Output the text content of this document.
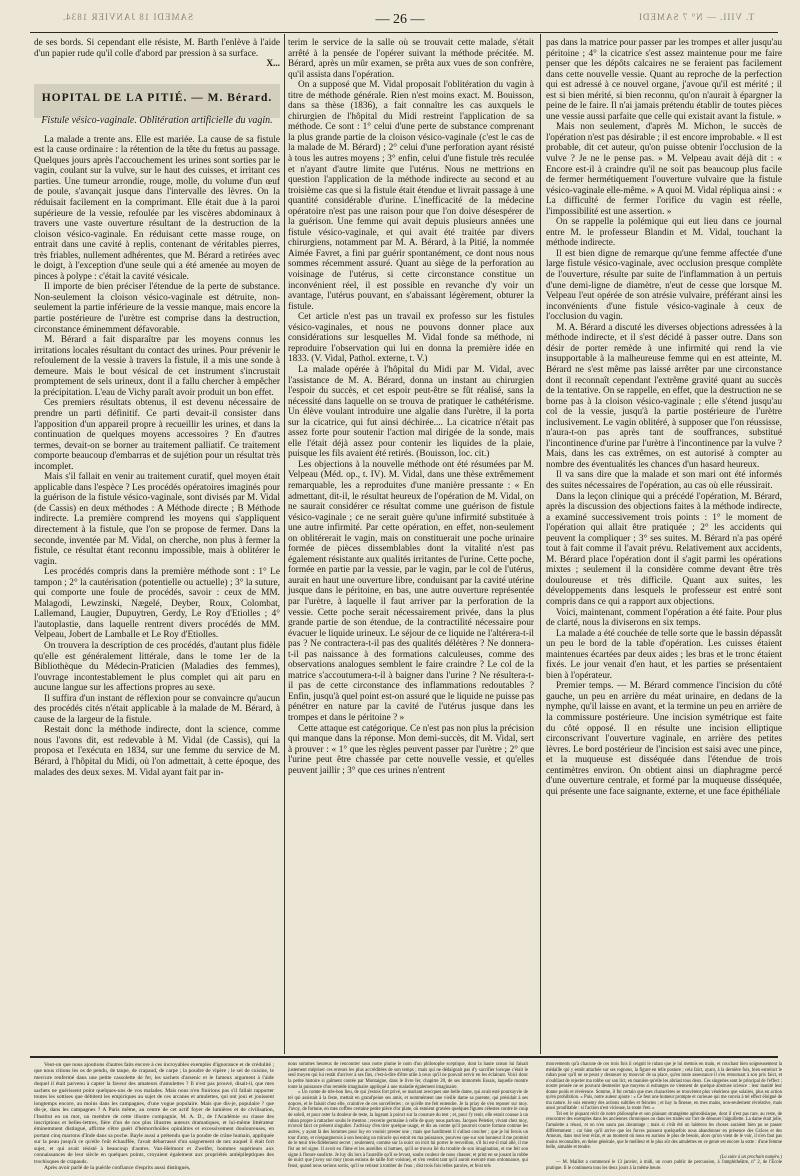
SAMEDI 18 JANVIER 1834.	— 26 —	T. VIII. — N° 7 SAMEDI

de ses bords. Si cependant elle résiste, M. Barth l'enlève à l'aide d'un papier rude qu'il colle d'abord par pression à sa surface.

X...
HOPITAL DE LA PITIÉ. — M. Bérard.
Fistule vésico-vaginale. Oblitération artificielle du vagin.

La malade a trente ans. Elle est mariée. La cause de sa fistule est la cause ordinaire : la rétention de la tête du fœtus au passage. Quelques jours après l'accouchement les urines sont sorties par le vagin, coulant sur la vulve, sur le haut des cuisses, et irritant ces parties. Une tumeur arrondie, rouge, molle, du volume d'un œuf de poule, s'avançait jusque dans l'intervalle des lèvres. On la réduisait facilement en la comprimant. Elle était due à la paroi supérieure de la vessie, refoulée par les viscères abdominaux à travers une vaste ouverture résultant de la destruction de la cloison vésico-vaginale. En réduisant cette masse rouge, on entrait dans une cavité à replis, contenant de véritables pierres, très friables, nullement adhérentes, que M. Bérard a retirées avec le doigt, à l'exception d'une seule qui a été amenée au moyen de pinces à polype : c'était la cavité vésicale.

Il importe de bien préciser l'étendue de la perte de substance. Non-seulement la cloison vésico-vaginale est détruite, non-seulement la partie inférieure de la vessie manque, mais encore la partie postérieure de l'urètre est comprise dans la destruction, circonstance éminemment défavorable.

M. Bérard a fait disparaître par les moyens connus les irritations locales résultant du contact des urines. Pour prévenir le refoulement de la vessie à travers la fistule, il a mis une sonde à demeure. Mais le bout vésical de cet instrument s'incrustait promptement de sels urineux, dont il a fallu chercher à empêcher la précipitation. L'eau de Vichy paraît avoir produit un bon effet.

Ces premiers résultats obtenus, il est devenu nécessaire de prendre un parti définitif. Ce parti devait-il consister dans l'apposition d'un appareil propre à recueillir les urines, et dans la continuation de quelques moyens accessoires ? En d'autres termes, devait-on se borner au traitement palliatif. Ce traitement comporte beaucoup d'embarras et de sujétion pour un résultat très incomplet.

Mais s'il fallait en venir au traitement curatif, quel moyen était applicable dans l'espèce ? Les procédés opératoires imaginés pour la guérison de la fistule vésico-vaginale, sont divisés par M. Vidal (de Cassis) en deux méthodes : A Méthode directe ; B Méthode indirecte. La première comprend les moyens qui s'appliquent directement à la fistule, que l'on se propose de fermer. Dans la seconde, inventée par M. Vidal, on cherche, non plus à fermer la fistule, ce résultat étant reconnu impossible, mais à oblitérer le vagin.

Les procédés compris dans la première méthode sont : 1° Le tampon ; 2° la cautérisation (potentielle ou actuelle) ; 3° la suture, qui comporte une foule de procédés, savoir : ceux de MM. Malagodi, Lewzinski, Nægelé, Deyber, Roux, Colombat, Lallemand, Laugier, Dupuytren, Gerdy, Le Roy d'Etiolles ; 4° l'autoplastie, dans laquelle rentrent divers procédés de MM. Velpeau, Jobert de Lamballe et Le Roy d'Etiolles.

On trouvera la description de ces procédés, d'autant plus fidèle qu'elle est généralement littérale, dans le tome 1er de la Bibliothèque du Médecin-Praticien (Maladies des femmes), l'ouvrage incontestablement le plus complet qui ait paru en aucune langue sur les affections propres au sexe.

Il suffira d'un instant de réflexion pour se convaincre qu'aucun des procédés cités n'était applicable à la malade de M. Bérard, à cause de la largeur de la fistule.

Restait donc la méthode indirecte, dont la science, comme nous l'avons dit, est redevable à M. Vidal (de Cassis), qui la proposa et l'exécuta en 1834, sur une femme du service de M. Bérard, à l'hôpital du Midi, où l'on admettait, à cette époque, des malades des deux sexes. M. Vidal ayant fait par in-

terim le service de la salle où se trouvait cette malade, s'était arrêté à la pensée de l'opérer suivant la méthode précitée. M. Bérard, après un mûr examen, se prêta aux vues de son confrère, qu'il assista dans l'opération.

On a supposé que M. Vidal proposait l'oblitération du vagin à titre de méthode générale. Rien n'est moins exact. M. Bouisson, dans sa thèse (1836), a fait connaître les cas auxquels le chirurgien de l'hôpital du Midi restreint l'application de sa méthode. Ce sont : 1° celui d'une perte de substance comprenant la plus grande partie de la cloison vésico-vaginale (c'est le cas de la malade de M. Bérard) ; 2° celui d'une perforation ayant résisté à tous les autres moyens ; 3° enfin, celui d'une fistule très reculée et n'ayant d'autre limite que l'utérus. Nous ne mettrions en question l'application de la méthode indirecte au second et au troisième cas que si la fistule était étendue et livrait passage à une quantité considérable d'urine. L'inefficacité de la médecine opératoire n'est pas une raison pour que l'on doive désespérer de la guérison. Une femme qui avait depuis plusieurs années une fistule vésico-vaginale, et qui avait été traitée par divers chirurgiens, notamment par M. A. Bérard, à la Pitié, la nommée Aimée Favret, a fini par guérir spontanément, ce dont nous nous sommes récemment assuré. Quant au siège de la perforation au voisinage de l'utérus, si cette circonstance constitue un inconvénient réel, il est possible en revanche d'y voir un avantage, l'utérus pouvant, en s'abaissant légèrement, obturer la fistule.

Cet article n'est pas un travail ex professo sur les fistules vésico-vaginales, et nous ne pouvons donner place aux considérations sur lesquelles M. Vidal fonde sa méthode, ni reproduire l'observation qui lui en donna la première idée en 1833. (V. Vidal, Pathol. externe, t. V.)

La malade opérée à l'hôpital du Midi par M. Vidal, avec l'assistance de M. A. Bérard, donna un instant au chirurgien l'espoir du succès, et cet espoir peut-être se fût réalisé, sans la nécessité dans laquelle on se trouva de pratiquer le cathétérisme. Un élève voulant introduire une algalie dans l'urètre, il la porta sur la cicatrice, qui fut ainsi déchirée.... La cicatrice n'était pas assez forte pour soutenir l'action mal dirigée de la sonde, mais elle l'était déjà assez pour contenir les liquides de la plaie, puisque les fils avaient été retirés. (Bouisson, loc. cit.)

Les objections à la nouvelle méthode ont été résumées par M. Velpeau (Méd. op., t. IV). M. Vidal, dans une thèse extrêmement remarquable, les a reproduites d'une manière pressante : « En admettant, dit-il, le résultat heureux de l'opération de M. Vidal, on ne saurait considérer ce résultat comme une guérison de fistule vésico-vaginale ; ce ne serait guère qu'une infirmité substituée à une autre infirmité. Par cette opération, en effet, non-seulement on oblitérerait le vagin, mais on constituerait une poche urinaire formée de pièces dissemblables dont la vitalité n'est pas également résistante aux qualités irritantes de l'urine. Cette poche, formée en partie par la vessie, par le vagin, par le col de l'utérus, aurait en haut une ouverture libre, conduisant par la cavité utérine jusque dans le péritoine, en bas, une autre ouverture représentée par l'urètre, à laquelle il faut arriver par la perforation de la vessie. Cette poche serait nécessairement privée, dans la plus grande partie de son étendue, de la contractilité nécessaire pour évacuer le liquide urineux. Le séjour de ce liquide ne l'altérera-t-il pas ? Ne contractera-t-il pas des qualités délétères ? Ne donnera-t-il pas naissance à des formations calculeuses, comme des observations analogues semblent le faire craindre ? Le col de la matrice s'accoutumera-t-il à baigner dans l'urine ? Ne résultera-t-il pas de cette circonstance des inflammations redoutables ? Enfin, jusqu'à quel point est-on assuré que le liquide ne puisse pas pénétrer en nature par la cavité de l'utérus jusque dans les trompes et dans le péritoine ? »

Cette attaque est catégorique. Ce n'est pas non plus la précision qui manque dans la réponse. Mon demi-succès, dit M. Vidal, sert à prouver : « 1° que les règles peuvent passer par l'urètre ; 2° que l'urine peut être chassée par cette nouvelle vessie, et qu'elles peuvent jaillir ; 3° que ces urines n'entrent

pas dans la matrice pour passer par les trompes et aller jusqu'au péritoine ; 4° la cicatrice s'est assez maintenue pour me faire penser que les dépôts calcaires ne se feraient pas facilement dans cette nouvelle vessie. Quant au reproche de la perfection qui est adressé à ce nouvel organe, j'avoue qu'il est mérité ; il est si bien mérité, si bien reconnu, qu'on n'aurait à épargner la peine de le faire. Il n'ai jamais prétendu établir de toutes pièces une vessie aussi parfaite que celle qui existait avant la fistule. »

Mais non seulement, d'après M. Michon, le succès de l'opération n'est pas désirable ; il est encore improbable. « Il est probable, dit cet auteur, qu'on puisse obtenir l'occlusion de la vulve ? Je ne le pense pas. » M. Velpeau avait déjà dit : « Encore est-il à craindre qu'il ne soit pas beaucoup plus facile de fermer hermétiquement l'ouverture vulvaire que la fistule vésico-vaginale elle-même. » A quoi M. Vidal répliqua ainsi : « La difficulté de fermer l'orifice du vagin est réelle, l'impossibilité est une assertion. »

On se rappelle la polémique qui eut lieu dans ce journal entre M. le professeur Blandin et M. Vidal, touchant la méthode indirecte.

Il est bien digne de remarque qu'une femme affectée d'une large fistule vésico-vaginale, avec occlusion presque complète de l'ouverture, résulte par suite de l'inflammation à un pertuis d'une demi-ligne de diamètre, n'eut de cesse que lorsque M. Velpeau l'eut opérée de son atrésie vulvaire, préférant ainsi les inconvénients d'une fistule vésico-vaginale à ceux de l'occlusion du vagin.

M. A. Bérard a discuté les diverses objections adressées à la méthode indirecte, et il s'est décidé à passer outre. Dans son désir de porter remède à une infirmité qui rend la vie insupportable à la malheureuse femme qui en est atteinte, M. Bérard ne s'est même pas laissé arrêter par une circonstance dont il reconnaît cependant l'extrême gravité quant au succès de la tentative. On se rappelle, en effet, que la destruction ne se borne pas à la cloison vésico-vaginale ; elle s'étend jusqu'au col de la vessie, jusqu'à la partie postérieure de l'urètre inclusivement. Le vagin oblitéré, à supposer que l'on réussisse, n'aura-t-on pas après tant de souffrances, substitué l'incontinence d'urine par l'urètre à l'incontinence par la vulve ? Mais, dans les cas extrêmes, on est autorisé à compter au nombre des éventualités les chances d'un hasard heureux.

Il va sans dire que la malade et son mari ont été informés des suites nécessaires de l'opération, au cas où elle réussirait.

Dans la leçon clinique qui a précédé l'opération, M. Bérard, après la discussion des objections faites à la méthode indirecte, a examiné successivement trois points : 1° le moment de l'opération qui allait être pratiquée ; 2° les accidents qui peuvent la compliquer ; 3° ses suites. M. Bérard n'a pas opéré tout à fait comme il l'avait prévu. Relativement aux accidents, M. Bérard place l'opération dont il s'agit parmi les opérations mixtes ; seulement il la considère comme devant être très douloureuse et très difficile. Quant aux suites, les développements dans lesquels le professeur est entré sont compris dans ce qui a rapport aux objections.

Voici, maintenant, comment l'opération a été faite. Pour plus de clarté, nous la diviserons en six temps.

La malade a été couchée de telle sorte que le bassin dépassât un peu le bord de la table d'opération. Les cuisses étaient maintenues écartées par deux aides ; les bras et le tronc étaient fixés. Le jour venait d'en haut, et les parties se présentaient bien à l'opérateur.

Premier temps. — M. Bérard commence l'incision du côté gauche, un peu en arrière du méat urinaire, en dedans de la nymphe, qu'il laisse en avant, et la termine un peu en arrière de la commissure postérieure. Une incision symétrique est faite du côté opposé. Il en résulte une incision elliptique circonscrivant l'ouverture vaginale, en arrière des petites lèvres. Le bord postérieur de l'incision est saisi avec une pince, et la muqueuse est disséquée dans l'étendue de trois centimètres environ. On obtient ainsi un diaphragme percé d'une ouverture centrale, et formé par la muqueuse disséquée, qui présente une face saignante, externe, et une face épithéliale

Veut-on que nous ajoutions d'autres faits encore à ces incroyables exemples d'ignorance et de crédulité ; que nous citions les os de pendu, de taupe, de crapaud, de carpe ; la poudre de vipère ; le sel de cuisine, le mercure renfermé dans une petite cassolette de fer, les sachets d'arsenic et le fameux argument à l'aide duquel il était parvenu à capter la faveur des amateurs d'amulettes ? Il n'est pas prouvé, disait-il, que mes sachets ne guérissent point quelques-uns de vos malades. Mais nous n'en finirions pas s'il fallait rapporter toutes les sottises que débitent les empiriques au sujet de ces arcanes et amulettes, qui ont joui et jouissent longtemps encore, au moins dans les campagnes, d'une vogue populaire. Mais que dis-je, populaire ? que dis-je, dans les campagnes ? A Paris même, au centre de cet actif foyer de lumières et de civilisation, l'Institut en un mot, un membre de cette illustre compagnie, M. A. D., de l'Académie ou classe des inscriptions et belles-lettres, fière d'un de nos plus illustres auteurs dramatiques, et lui-même littérateur éminemment distingué, affirme s'être guéri d'hémorrhoïdes opiniâtres et excessivement douloureuses, en portant cinq marrons d'Inde dans sa poche. Bayle aussi a prétendu que la poudre de crâne humain, appliquée sur la peau jusqu'à ce qu'elle l'eût échauffée, l'avait débarrassé d'un saignement de nez auquel il était fort sujet, et qui avait résisté à beaucoup d'autres. Van-Helmont et Zwelfer, hommes supérieurs aux connaissances de leur siècle en quelques points, croyaient également aux propriétés antiépileptiques des trochisques de crapauds.

Après avoir parlé de la puérile confiance d'esprits aussi distingués,

nous sommes heureux de rencontrer sous notre plume le nom d'un philosophe sceptique, dont la haute raison lui faisait justement mépriser ces erreurs les plus accréditées de son temps ; mais qui ne dédaignait pas d'y sacrifier lorsque c'était le seul moyen qui lui restât d'arriver à ses fins, c'est-à-dire d'être utile à ceux qu'il ne pouvait servir en les éclairant. Voici donc la petite histoire si gaîment contée par Montaigne, dans le livre Ier, chapitre 20, de ses immortels Essais, laquelle montre toute la puissance d'un remède imaginaire appliqué à une maladie également imaginaire.

« Un comte de très-bon lieu, de qui j'estois fort privé, se mariant avecques une belle dame, qui avait esté poursuyvie de tel qui assistait à la feste, mettait en grand'peine ses amis, et nommément une vieille dame sa parente, qui présidait à ses nopces, et le faisoit chez elle, craintive de ces sorcelleries ; ce qu'elle me feit entendre. Je la priay de s'en reposer sur moy. J'avoy, de fortune, en mes coffres certaine petite pièce d'or plate, où estoient gravées quelques figures célestes contre le coup de soleil, et pour oster la douleur de teste, la logeant à poinct sur la cousture du test ; et, pour l'y tenir, elle estoit cousue à un ruban propre à rattacher soubs le menton ; resverie germaine à celle de quoy nous parlons. Jacques Peletier, vivant chez moy, m'avoit faict ce présent singulier. J'advisay d'en tirer quelque usage, et dis au comte qu'il pourroit courre fortune comme les autres, y ayant là des hommes pour luy en vouloir prester une ; mais que hardiment il s'allast coucher ; que je lui ferois un tour d'amy, et n'espargnerois à son besoing un miracle qui estoit en ma puissance, pourveu que sur son honneur il me promist de le tenir très-fidèlement secret ; seulement, comme sur la nuict on iroit lui porter le resveillon, s'il lui est-il mal allé, il me fist un tel signe. Il avoit eu l'âme et les aureilles si battues, qu'il se trouva lié du trouble de son imagination, et me feit son signe à l'heure susdicte. Je luy dis lors à l'aureille qu'il se levast, soubs couleur de nous chasser, et print en se jouant la robbe de nuict que j'avoy sur moy (nous estions de taille fort voisine), et s'en vestist tant qu'il auroit exécuté mon ordonnance, qui feust, quand nous serions sortis, qu'il se retirast à tomber de l'eau ; dist trois fois telles paroles, et feist tels

mouvements qu'à chacune de ces trois fois il ceignit le ruban que je lui mettois en main, et couchast bien soigneusement la médaille qui y estoit attachée sur ses rognons, la figure en telle posture ; cela faict, ayant, à la dernière fois, bien estreinct le ruban pour qu'il ne se peust y desnouer ny mouvoir de sa place, qu'en toute asseurance il s'en retournast à son prix faict, et n'oubliast de rejecter ma robbe sur son lict, en manière qu'elle les abriast tous deux. Ces singeries sont le principal de l'effect ; nostre pensée ne se pouvant desmesler que moyens si estranges ne viennent de quelque abstruse science : leur inanité leur donne poids et révérence. Somme, il fut certain que mes charactères se trouvèrent plus vénériens que solaires, plus en action qu'en prohibition. » Puis, notre auteur ajoute : « Ce feut une humeur prompte et curieuse qui me convia à tel effect éloigné de ma nature. Je suis ennemy des actions subtiles et feinctes ; et hay la finesse, en mes mains, non-seulement récréative, mais aussi proufitable : si l'action n'est vicieuse, la route l'est. »

Tel est le piquant récit de notre philosophe et son plaisant stratagème aphrodisiaque, dont il n'est pas rare, au reste, de rencontrer des exemples dans les anciennes chroniques ou dans les traités sur l'art de dénouer l'aiguillette. La dame était jolie, l'amulette a réussi, et on n'en saura pas davantage ; mais si c'eût été un laideron les choses auraient bien pu se passer différemment ; car bien qu'il arrive que les forces puissent quelquefois nous abandonner en présence des Grâces et des Amours, dans tout leur éclat, et au moment où nous en aurions le plus de besoin, alors qu'on vient de le voir, il n'en faut pas moins reconnaître, en thèse générale, que le meilleur et le plus sûr des amulettes en ce genre est encore la sotte : d'une femme belle, aimable et tendre.

(La suite à un prochain numéro.)

— M. Maillot a commencé le 13 janvier, à midi, un cours public de percussion, à l'amphithéâtre, n° 2, de l'École pratique. Il le continuera tous les deux jours à la même heure.
